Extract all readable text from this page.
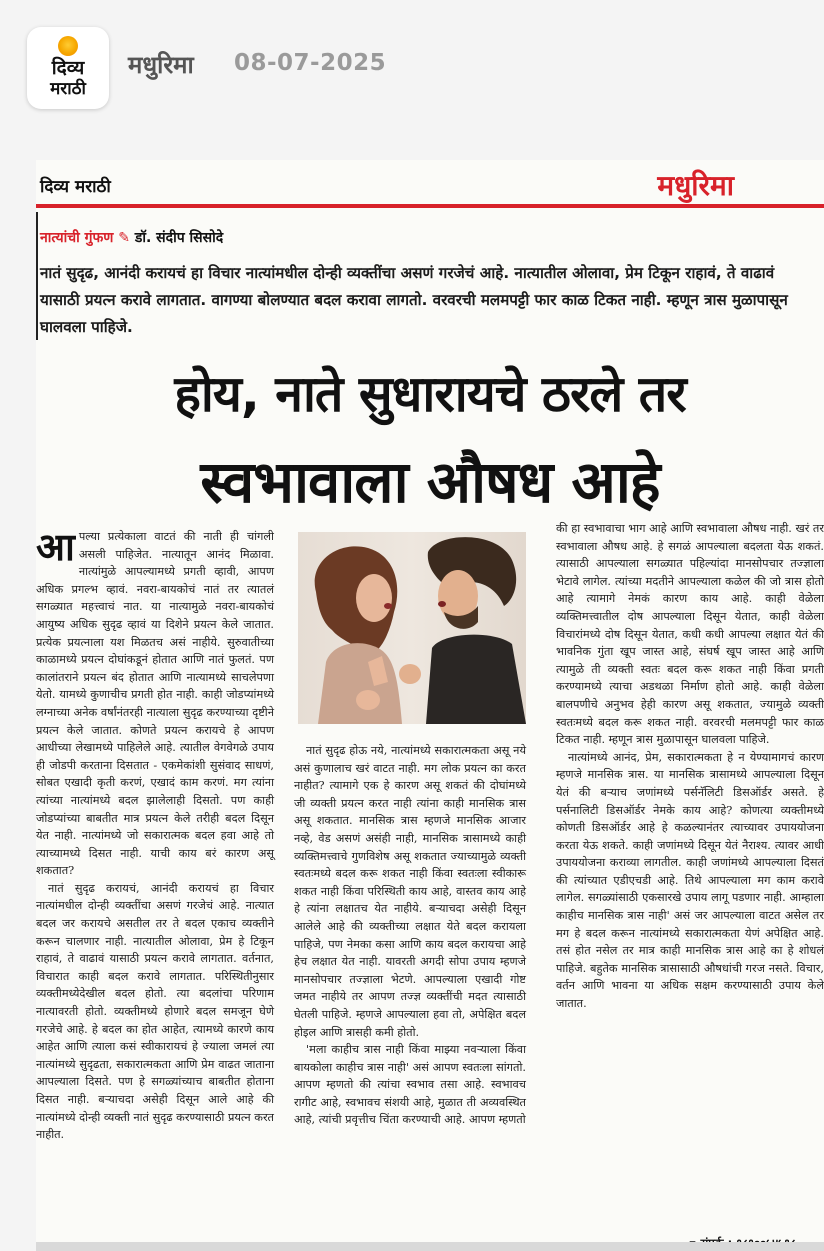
दिव्य
मराठी
मधुरिमा 08-07-2025
दिव्य मराठी	मधुरिमा
नात्यांची गुंफण ✎ डॉ. संदीप सिसोदे
नातं सुदृढ, आनंदी करायचं हा विचार नात्यांमधील दोन्ही व्यक्तींचा असणं गरजेचं आहे. नात्यातील ओलावा, प्रेम टिकून राहावं, ते वाढावं यासाठी प्रयत्न करावे लागतात. वागण्या बोलण्यात बदल करावा लागतो. वरवरची मलमपट्टी फार काळ टिकत नाही. म्हणून त्रास मुळापासून घालवला पाहिजे.
होय, नाते सुधारायचे ठरले तर
स्वभावाला औषध आहे

आपल्या प्रत्येकाला वाटतं की नाती ही चांगली असली पाहिजेत. नात्यातून आनंद मिळावा. नात्यांमुळे आपल्यामध्ये प्रगती व्हावी, आपण अधिक प्रगल्भ व्हावं. नवरा-बायकोचं नातं तर त्यातलं सगळ्यात महत्त्वाचं नात. या नात्यामुळे नवरा-बायकोचं आयुष्य अधिक सुदृढ व्हावं या दिशेने प्रयत्न केले जातात. प्रत्येक प्रयत्नाला यश मिळतच असं नाहीये. सुरुवातीच्या काळामध्ये प्रयत्न दोघांकडूनं होतात आणि नातं फुलतं. पण कालांतराने प्रयत्न बंद होतात आणि नात्यामध्ये साचलेपणा येतो. यामध्ये कुणाचीच प्रगती होत नाही. काही जोडप्यांमध्ये लग्नाच्या अनेक वर्षांनंतरही नात्याला सुदृढ करण्याच्या दृष्टीने प्रयत्न केले जातात. कोणते प्रयत्न करायचे हे आपण आधीच्या लेखामध्ये पाहिलेले आहे. त्यातील वेगवेगळे उपाय ही जोडपी करताना दिसतात - एकमेकांशी सुसंवाद साधणं, सोबत एखादी कृती करणं, एखादं काम करणं. मग त्यांना त्यांच्या नात्यांमध्ये बदल झालेलाही दिसतो. पण काही जोडप्यांच्या बाबतीत मात्र प्रयत्न केले तरीही बदल दिसून येत नाही. नात्यांमध्ये जो सकारात्मक बदल हवा आहे तो त्याच्यामध्ये दिसत नाही. याची काय बरं कारण असू शकतात?

नातं सुदृढ करायचं, आनंदी करायचं हा विचार नात्यांमधील दोन्ही व्यक्तींचा असणं गरजेचं आहे. नात्यात बदल जर करायचे असतील तर ते बदल एकाच व्यक्तीने करून चालणार नाही. नात्यातील ओलावा, प्रेम हे टिकून राहावं, ते वाढावं यासाठी प्रयत्न करावे लागतात. वर्तनात, विचारात काही बदल करावे लागतात. परिस्थितीनुसार व्यक्तीमध्येदेखील बदल होतो. त्या बदलांचा परिणाम नात्यावरती होतो. व्यक्तीमध्ये होणारे बदल समजून घेणे गरजेचे आहे. हे बदल का होत आहेत, त्यामध्ये कारणे काय आहेत आणि त्याला कसं स्वीकारायचं हे ज्याला जमलं त्या नात्यांमध्ये सुदृढता, सकारात्मकता आणि प्रेम वाढत जाताना आपल्याला दिसते. पण हे सगळ्यांच्याच बाबतीत होताना दिसत नाही. बऱ्याचदा असेही दिसून आले आहे की नात्यांमध्ये दोन्ही व्यक्ती नातं सुदृढ करण्यासाठी प्रयत्न करत नाहीत.

नातं सुदृढ होऊ नये, नात्यांमध्ये सकारात्मकता असू नये असं कुणालाच खरं वाटत नाही. मग लोक प्रयत्न का करत नाहीत? त्यामागे एक हे कारण असू शकतं की दोघांमध्ये जी व्यक्ती प्रयत्न करत नाही त्यांना काही मानसिक त्रास असू शकतात. मानसिक त्रास म्हणजे मानसिक आजार नव्हे, वेड असणं असंही नाही, मानसिक त्रासामध्ये काही व्यक्तिमत्त्वाचे गुणविशेष असू शकतात ज्याच्यामुळे व्यक्ती स्वतःमध्ये बदल करू शकत नाही किंवा स्वतःला स्वीकारू शकत नाही किंवा परिस्थिती काय आहे, वास्तव काय आहे हे त्यांना लक्षातच येत नाहीये. बऱ्याचदा असेही दिसून आलेले आहे की व्यक्तीच्या लक्षात येते बदल करायला पाहिजे, पण नेमका कसा आणि काय बदल करायचा आहे हेच लक्षात येत नाही. यावरती अगदी सोपा उपाय म्हणजे मानसोपचार तज्ज्ञाला भेटणे. आपल्याला एखादी गोष्ट जमत नाहीये तर आपण तज्ज्ञ व्यक्तींची मदत त्यासाठी घेतली पाहिजे. म्हणजे आपल्याला हवा तो, अपेक्षित बदल होइल आणि त्रासही कमी होतो.

'मला काहीच त्रास नाही किंवा माझ्या नवऱ्याला किंवा बायकोला काहीच त्रास नाही' असं आपण स्वतःला सांगतो. आपण म्हणतो की त्यांचा स्वभाव तसा आहे. स्वभावच रागीट आहे, स्वभावच संशयी आहे, मुळात ती अव्यवस्थित आहे, त्यांची प्रवृत्तीच चिंता करण्याची आहे. आपण म्हणतो

की हा स्वभावाचा भाग आहे आणि स्वभावाला औषध नाही. खरं तर स्वभावाला औषध आहे. हे सगळं आपल्याला बदलता येऊ शकतं. त्यासाठी आपल्याला सगळ्यात पहिल्यांदा मानसोपचार तज्ज्ञाला भेटावे लागेल. त्यांच्या मदतीने आपल्याला कळेल की जो त्रास होतो आहे त्यामागे नेमकं कारण काय आहे. काही वेळेला व्यक्तिमत्त्वातील दोष आपल्याला दिसून येतात, काही वेळेला विचारांमध्ये दोष दिसून येतात, कधी कधी आपल्या लक्षात येतं की भावनिक गुंता खूप जास्त आहे, संघर्ष खूप जास्त आहे आणि त्यामुळे ती व्यक्ती स्वतः बदल करू शकत नाही किंवा प्रगती करण्यामध्ये त्याचा अडथळा निर्माण होतो आहे. काही वेळेला बालपणीचे अनुभव हेही कारण असू शकतात, ज्यामुळे व्यक्ती स्वतःमध्ये बदल करू शकत नाही. वरवरची मलमपट्टी फार काळ टिकत नाही. म्हणून त्रास मुळापासून घालवला पाहिजे.

नात्यांमध्ये आनंद, प्रेम, सकारात्मकता हे न येण्यामागचं कारण म्हणजे मानसिक त्रास. या मानसिक त्रासामध्ये आपल्याला दिसून येतं की बऱ्याच जणांमध्ये पर्सनॅलिटी डिसऑर्डर असते. हे पर्सनालिटी डिसऑर्डर नेमके काय आहे? कोणत्या व्यक्तीमध्ये कोणती डिसऑर्डर आहे हे कळल्यानंतर त्याच्यावर उपाययोजना करता येऊ शकते. काही जणांमध्ये दिसून येतं नैराश्य. त्यावर आधी उपाययोजना कराव्या लागतील. काही जणांमध्ये आपल्याला दिसतं की त्यांच्यात एडीएचडी आहे. तिथे आपल्याला मग काम करावे लागेल. सगळ्यांसाठी एकसारखे उपाय लागू पडणार नाही. आम्हाला काहीच मानसिक त्रास नाही' असं जर आपल्याला वाटत असेल तर मग हे बदल करून नात्यांमध्ये सकारात्मकता येणं अपेक्षित आहे. तसं होत नसेल तर मात्र काही मानसिक त्रास आहे का हे शोधलं पाहिजे. बहुतेक मानसिक त्रासासाठी औषधांची गरज नसते. विचार, वर्तन आणि भावना या अधिक सक्षम करण्यासाठी उपाय केले जातात.
